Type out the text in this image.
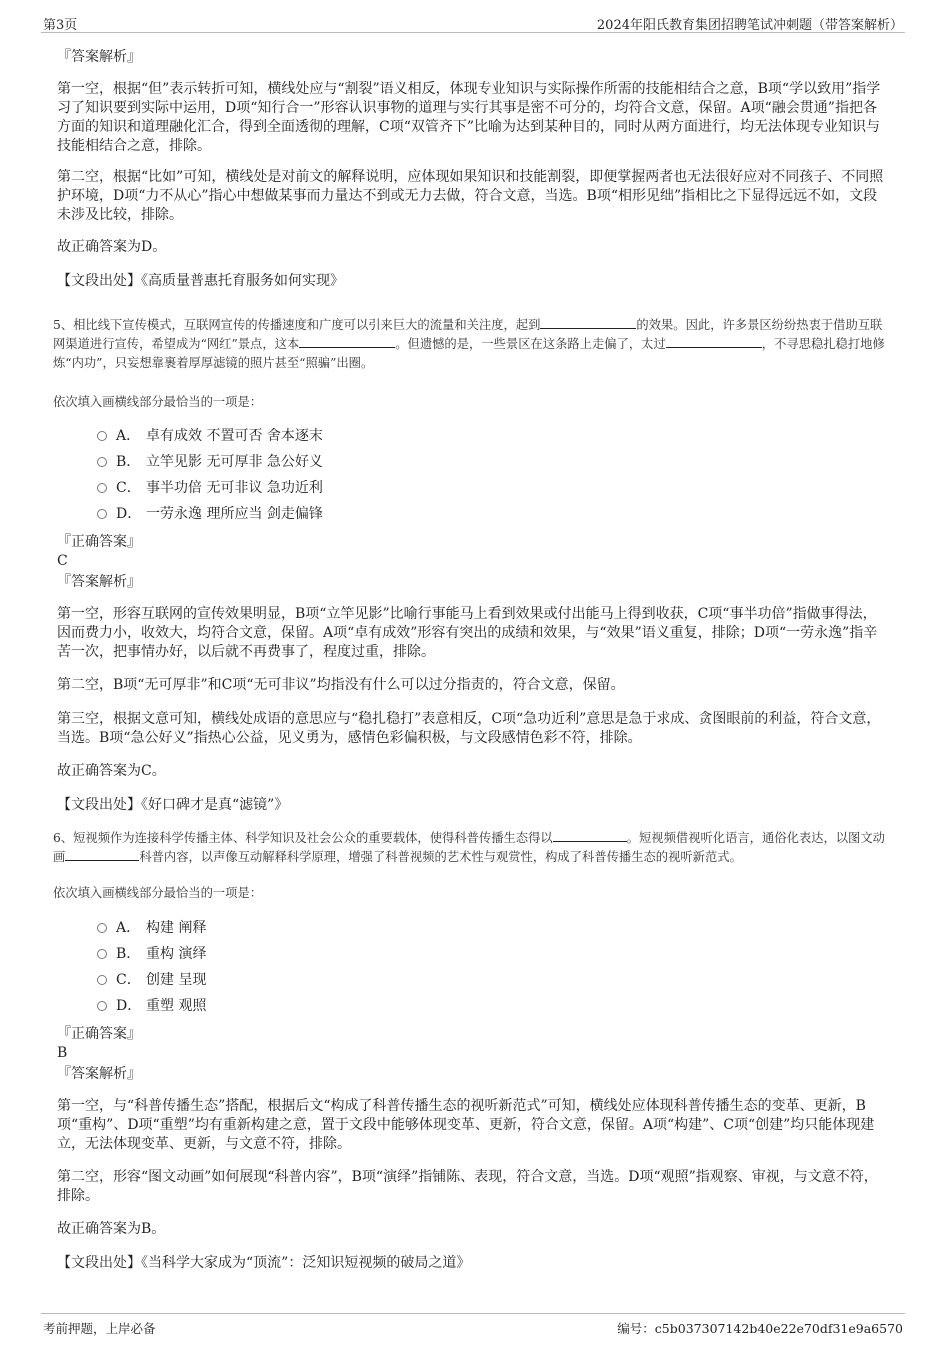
第3页	2024年阳氏教育集团招聘笔试冲刺题（带答案解析）
『答案解析』

第一空，根据“但”表示转折可知，横线处应与“割裂”语义相反，体现专业知识与实际操作所需的技能相结合之意，B项“学以致用”指学习了知识要到实际中运用，D项“知行合一”形容认识事物的道理与实行其事是密不可分的，均符合文意，保留。A项“融会贯通”指把各方面的知识和道理融化汇合，得到全面透彻的理解，C项“双管齐下”比喻为达到某种目的，同时从两方面进行，均无法体现专业知识与技能相结合之意，排除。

第二空，根据“比如”可知，横线处是对前文的解释说明，应体现如果知识和技能割裂，即便掌握两者也无法很好应对不同孩子、不同照护环境，D项“力不从心”指心中想做某事而力量达不到或无力去做，符合文意，当选。B项“相形见绌”指相比之下显得远远不如，文段未涉及比较，排除。

故正确答案为D。

【文段出处】《高质量普惠托育服务如何实现》

5、相比线下宣传模式，互联网宣传的传播速度和广度可以引来巨大的流量和关注度，起到	的效果。因此，许多景区纷纷热衷于借助互联网渠道进行宣传，希望成为“网红”景点，这本	。但遗憾的是，一些景区在这条路上走偏了，太过	，不寻思稳扎稳打地修炼“内功”，只妄想靠裹着厚厚滤镜的照片甚至“照骗”出圈。

依次填入画横线部分最恰当的一项是：
A． 卓有成效 不置可否 舍本逐末
B． 立竿见影 无可厚非 急公好义
C． 事半功倍 无可非议 急功近利
D． 一劳永逸 理所应当 剑走偏锋
『正确答案』
C
『答案解析』

第一空，形容互联网的宣传效果明显，B项“立竿见影”比喻行事能马上看到效果或付出能马上得到收获，C项“事半功倍”指做事得法，因而费力小，收效大，均符合文意，保留。A项“卓有成效”形容有突出的成绩和效果，与“效果”语义重复，排除；D项“一劳永逸”指辛苦一次，把事情办好，以后就不再费事了，程度过重，排除。

第二空，B项“无可厚非”和C项“无可非议”均指没有什么可以过分指责的，符合文意，保留。

第三空，根据文意可知，横线处成语的意思应与“稳扎稳打”表意相反，C项“急功近利”意思是急于求成、贪图眼前的利益，符合文意，当选。B项“急公好义”指热心公益，见义勇为，感情色彩偏积极，与文段感情色彩不符，排除。

故正确答案为C。

【文段出处】《好口碑才是真“滤镜”》

6、短视频作为连接科学传播主体、科学知识及社会公众的重要载体，使得科普传播生态得以	。短视频借视听化语言，通俗化表达，以图文动画	科普内容，以声像互动解释科学原理，增强了科普视频的艺术性与观赏性，构成了科普传播生态的视听新范式。

依次填入画横线部分最恰当的一项是：
A． 构建 阐释
B． 重构 演绎
C． 创建 呈现
D． 重塑 观照
『正确答案』
B
『答案解析』

第一空，与“科普传播生态”搭配，根据后文“构成了科普传播生态的视听新范式”可知，横线处应体现科普传播生态的变革、更新，B项“重构”、D项“重塑”均有重新构建之意，置于文段中能够体现变革、更新，符合文意，保留。A项“构建”、C项“创建”均只能体现建立，无法体现变革、更新，与文意不符，排除。

第二空，形容“图文动画”如何展现“科普内容”，B项“演绎”指铺陈、表现，符合文意，当选。D项“观照”指观察、审视，与文意不符，排除。

故正确答案为B。

【文段出处】《当科学大家成为“顶流”：泛知识短视频的破局之道》

考前押题，上岸必备	编号：c5b037307142b40e22e70df31e9a6570
